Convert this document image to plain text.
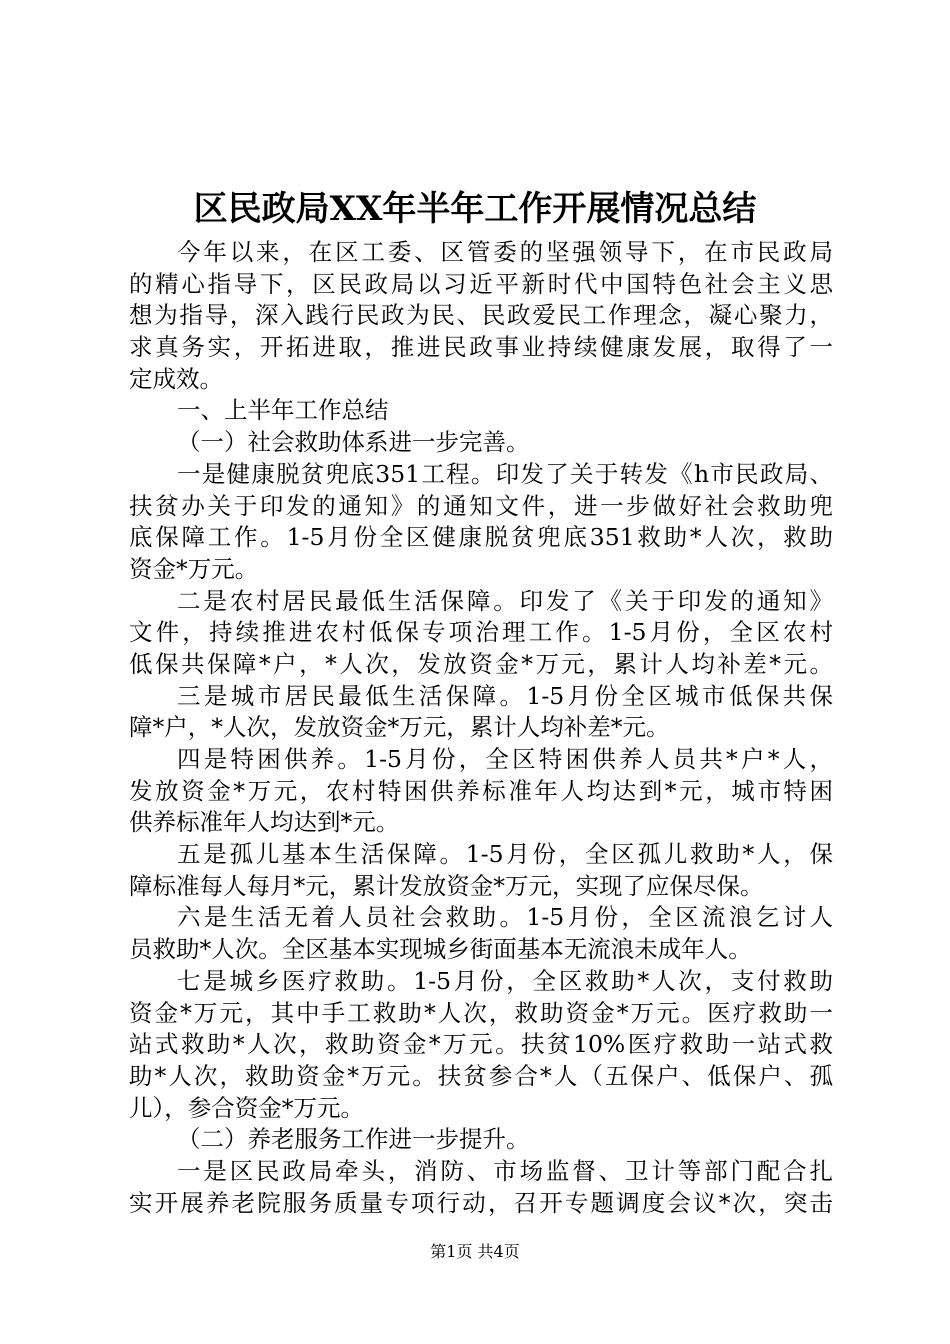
区民政局XX年半年工作开展情况总结
今年以来，在区工委、区管委的坚强领导下，在市民政局
的精心指导下，区民政局以习近平新时代中国特色社会主义思
想为指导，深入践行民政为民、民政爱民工作理念，凝心聚力，
求真务实，开拓进取，推进民政事业持续健康发展，取得了一
定成效。
一、上半年工作总结
（一）社会救助体系进一步完善。
一是健康脱贫兜底351工程。印发了关于转发《h市民政局、
扶贫办关于印发的通知》的通知文件，进一步做好社会救助兜
底保障工作。1-5月份全区健康脱贫兜底351救助*人次，救助
资金*万元。
二是农村居民最低生活保障。印发了《关于印发的通知》
文件，持续推进农村低保专项治理工作。1-5月份，全区农村
低保共保障*户，*人次，发放资金*万元，累计人均补差*元。
三是城市居民最低生活保障。1-5月份全区城市低保共保
障*户，*人次，发放资金*万元，累计人均补差*元。
四是特困供养。1-5月份，全区特困供养人员共*户*人，
发放资金*万元，农村特困供养标准年人均达到*元，城市特困
供养标准年人均达到*元。
五是孤儿基本生活保障。1-5月份，全区孤儿救助*人，保
障标准每人每月*元，累计发放资金*万元，实现了应保尽保。
六是生活无着人员社会救助。1-5月份，全区流浪乞讨人
员救助*人次。全区基本实现城乡街面基本无流浪未成年人。
七是城乡医疗救助。1-5月份，全区救助*人次，支付救助
资金*万元，其中手工救助*人次，救助资金*万元。医疗救助一
站式救助*人次，救助资金*万元。扶贫10%医疗救助一站式救
助*人次，救助资金*万元。扶贫参合*人（五保户、低保户、孤
儿），参合资金*万元。
（二）养老服务工作进一步提升。
一是区民政局牵头，消防、市场监督、卫计等部门配合扎
实开展养老院服务质量专项行动，召开专题调度会议*次，突击
第1页 共4页
